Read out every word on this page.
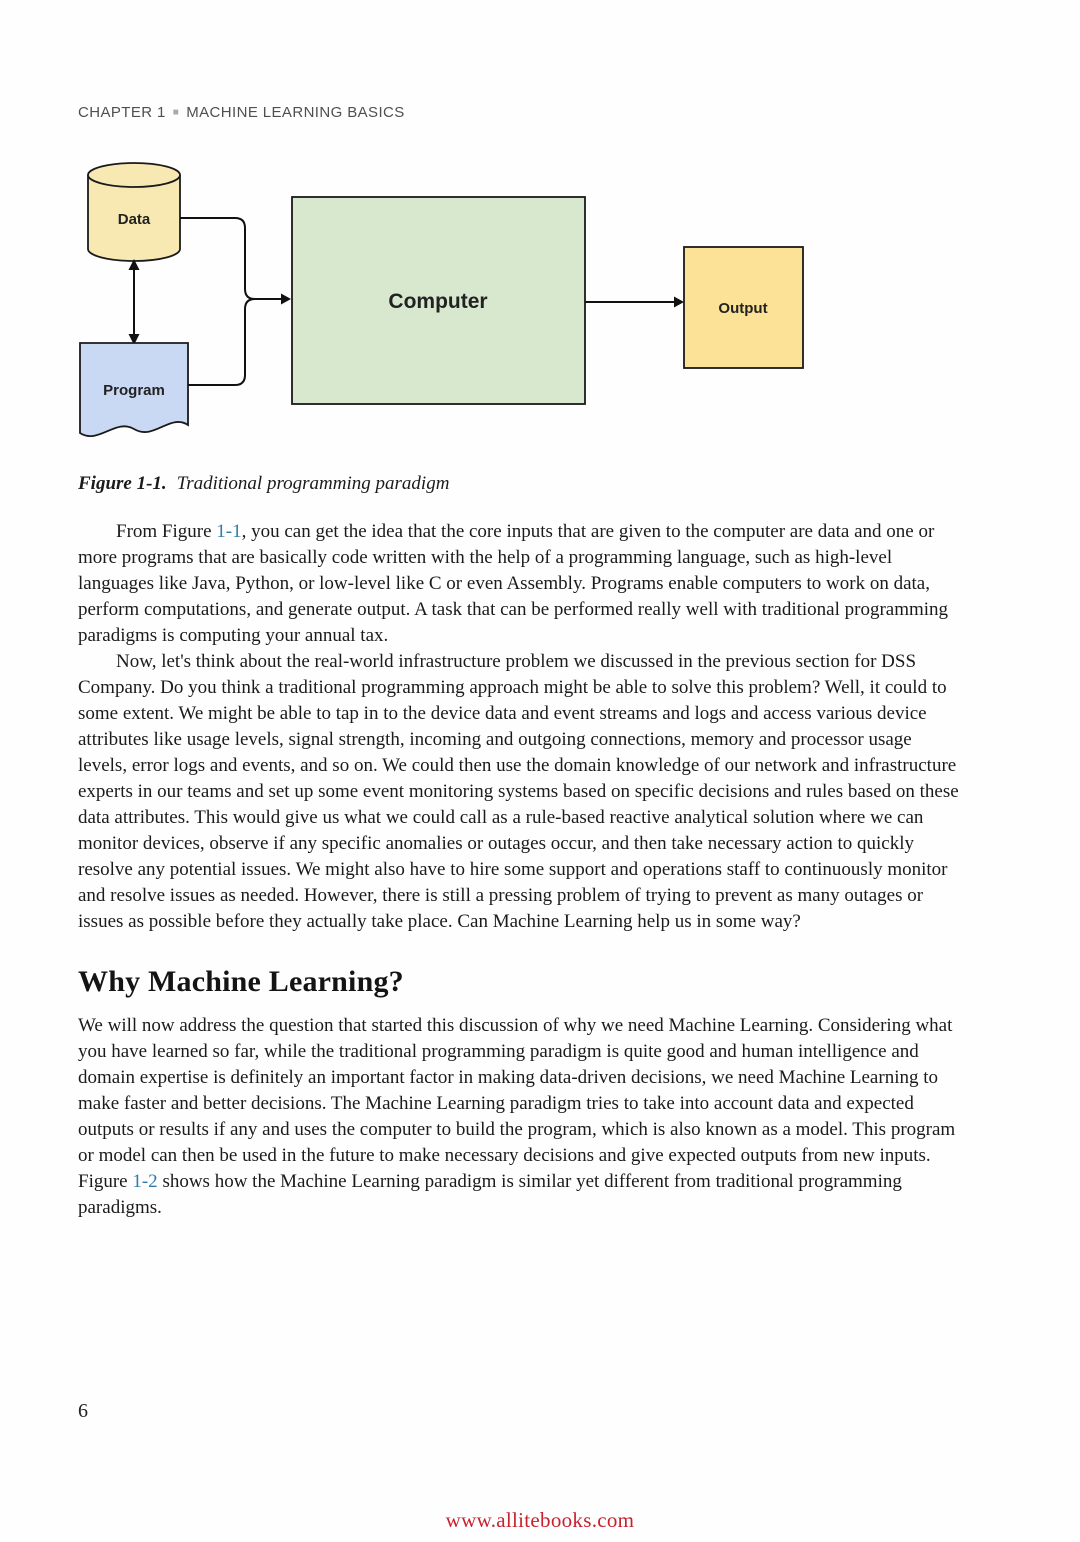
CHAPTER 1 ■ MACHINE LEARNING BASICS
Data
Program
Computer	Output

Figure 1-1. Traditional programming paradigm

From Figure 1-1, you can get the idea that the core inputs that are given to the computer are data and one or more programs that are basically code written with the help of a programming language, such as high-level languages like Java, Python, or low-level like C or even Assembly. Programs enable computers to work on data, perform computations, and generate output. A task that can be performed really well with traditional programming paradigms is computing your annual tax.

Now, let's think about the real-world infrastructure problem we discussed in the previous section for DSS Company. Do you think a traditional programming approach might be able to solve this problem? Well, it could to some extent. We might be able to tap in to the device data and event streams and logs and access various device attributes like usage levels, signal strength, incoming and outgoing connections, memory and processor usage levels, error logs and events, and so on. We could then use the domain knowledge of our network and infrastructure experts in our teams and set up some event monitoring systems based on specific decisions and rules based on these data attributes. This would give us what we could call as a rule-based reactive analytical solution where we can monitor devices, observe if any specific anomalies or outages occur, and then take necessary action to quickly resolve any potential issues. We might also have to hire some support and operations staff to continuously monitor and resolve issues as needed. However, there is still a pressing problem of trying to prevent as many outages or issues as possible before they actually take place. Can Machine Learning help us in some way?

Why Machine Learning?

We will now address the question that started this discussion of why we need Machine Learning. Considering what you have learned so far, while the traditional programming paradigm is quite good and human intelligence and domain expertise is definitely an important factor in making data-driven decisions, we need Machine Learning to make faster and better decisions. The Machine Learning paradigm tries to take into account data and expected outputs or results if any and uses the computer to build the program, which is also known as a model. This program or model can then be used in the future to make necessary decisions and give expected outputs from new inputs. Figure 1-2 shows how the Machine Learning paradigm is similar yet different from traditional programming paradigms.

6
www.allitebooks.com
